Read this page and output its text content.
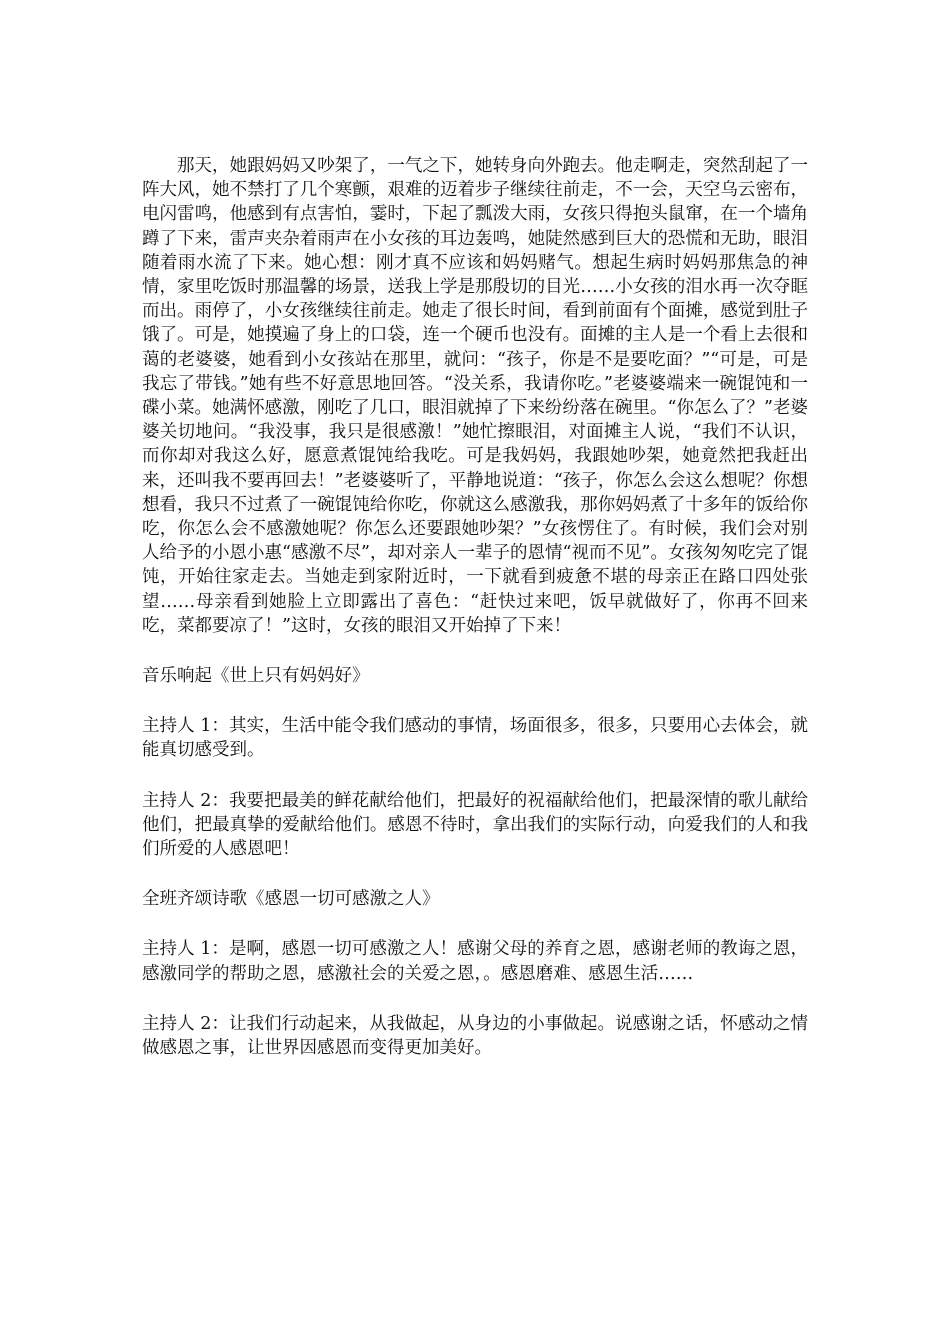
那天，她跟妈妈又吵架了，一气之下，她转身向外跑去。他走啊走，突然刮起了一阵大风，她不禁打了几个寒颤，艰难的迈着步子继续往前走，不一会，天空乌云密布，电闪雷鸣，他感到有点害怕，霎时，下起了瓢泼大雨，女孩只得抱头鼠窜，在一个墙角蹲了下来，雷声夹杂着雨声在小女孩的耳边轰鸣，她陡然感到巨大的恐慌和无助，眼泪随着雨水流了下来。她心想：刚才真不应该和妈妈赌气。想起生病时妈妈那焦急的神情，家里吃饭时那温馨的场景，送我上学是那殷切的目光……小女孩的泪水再一次夺眶而出。雨停了，小女孩继续往前走。她走了很长时间，看到前面有个面摊，感觉到肚子饿了。可是，她摸遍了身上的口袋，连一个硬币也没有。面摊的主人是一个看上去很和蔼的老婆婆，她看到小女孩站在那里，就问：“孩子，你是不是要吃面？”“可是，可是我忘了带钱。”她有些不好意思地回答。“没关系，我请你吃。”老婆婆端来一碗馄饨和一碟小菜。她满怀感激，刚吃了几口，眼泪就掉了下来纷纷落在碗里。“你怎么了？”老婆婆关切地问。“我没事，我只是很感激！”她忙擦眼泪，对面摊主人说，“我们不认识，而你却对我这么好，愿意煮馄饨给我吃。可是我妈妈，我跟她吵架，她竟然把我赶出来，还叫我不要再回去！”老婆婆听了，平静地说道：“孩子，你怎么会这么想呢？你想想看，我只不过煮了一碗馄饨给你吃，你就这么感激我，那你妈妈煮了十多年的饭给你吃，你怎么会不感激她呢？你怎么还要跟她吵架？”女孩愣住了。有时候，我们会对别人给予的小恩小惠“感激不尽”，却对亲人一辈子的恩情“视而不见”。女孩匆匆吃完了馄饨，开始往家走去。当她走到家附近时，一下就看到疲惫不堪的母亲正在路口四处张望……母亲看到她脸上立即露出了喜色：“赶快过来吧，饭早就做好了，你再不回来吃，菜都要凉了！”这时，女孩的眼泪又开始掉了下来！

音乐响起《世上只有妈妈好》

主持人 1：其实，生活中能令我们感动的事情，场面很多，很多，只要用心去体会，就能真切感受到。

主持人 2：我要把最美的鲜花献给他们，把最好的祝福献给他们，把最深情的歌儿献给他们，把最真挚的爱献给他们。感恩不待时，拿出我们的实际行动，向爱我们的人和我们所爱的人感恩吧！

全班齐颂诗歌《感恩一切可感激之人》

主持人 1：是啊，感恩一切可感激之人！感谢父母的养育之恩，感谢老师的教诲之恩，感激同学的帮助之恩，感激社会的关爱之恩，。感恩磨难、感恩生活……

主持人 2：让我们行动起来，从我做起，从身边的小事做起。说感谢之话，怀感动之情做感恩之事，让世界因感恩而变得更加美好。
